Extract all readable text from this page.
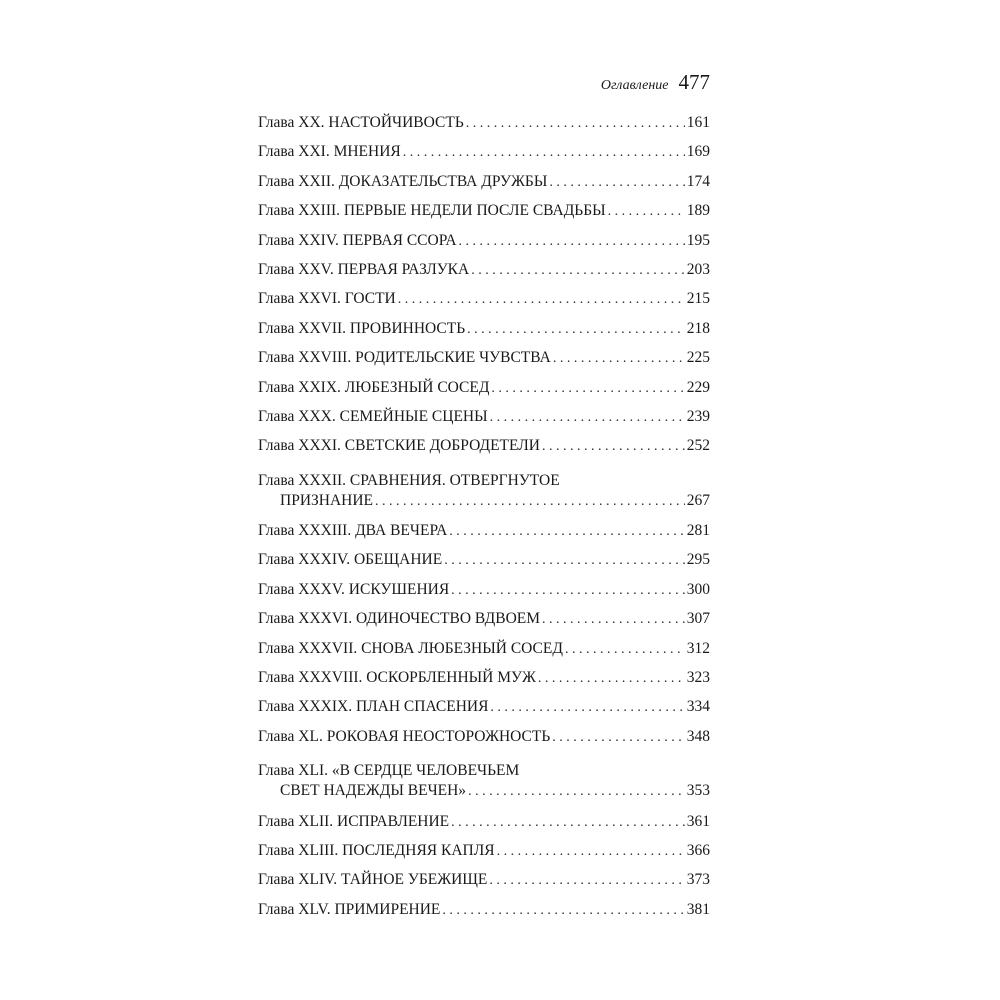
Оглавление 477
Глава XX. НАСТОЙЧИВОСТЬ . . .	161
Глава XXI. МНЕНИЯ . . .	169
Глава XXII. ДОКАЗАТЕЛЬСТВА ДРУЖБЫ . . .	174
Глава XXIII. ПЕРВЫЕ НЕДЕЛИ ПОСЛЕ СВАДЬБЫ . . .	189
Глава XXIV. ПЕРВАЯ ССОРА . . .	195
Глава XXV. ПЕРВАЯ РАЗЛУКА . . .	203
Глава XXVI. ГОСТИ . . .	215
Глава XXVII. ПРОВИННОСТЬ . . .	218
Глава XXVIII. РОДИТЕЛЬСКИЕ ЧУВСТВА . . .	225
Глава XXIX. ЛЮБЕЗНЫЙ СОСЕД . . .	229
Глава XXX. СЕМЕЙНЫЕ СЦЕНЫ . . .	239
Глава XXXI. СВЕТСКИЕ ДОБРОДЕТЕЛИ . . .	252
Глава XXXII. СРАВНЕНИЯ. ОТВЕРГНУТОЕ
ПРИЗНАНИЕ . . .	267
Глава XXXIII. ДВА ВЕЧЕРА . . .	281
Глава XXXIV. ОБЕЩАНИЕ . . .	295
Глава XXXV. ИСКУШЕНИЯ . . .	300
Глава XXXVI. ОДИНОЧЕСТВО ВДВОЕМ . . .	307
Глава XXXVII. СНОВА ЛЮБЕЗНЫЙ СОСЕД . . .	312
Глава XXXVIII. ОСКОРБЛЕННЫЙ МУЖ . . .	323
Глава XXXIX. ПЛАН СПАСЕНИЯ . . .	334
Глава XL. РОКОВАЯ НЕОСТОРОЖНОСТЬ . . .	348
Глава XLI. «В СЕРДЦЕ ЧЕЛОВЕЧЬЕМ
СВЕТ НАДЕЖДЫ ВЕЧЕН» . . .	353
Глава XLII. ИСПРАВЛЕНИЕ . . .	361
Глава XLIII. ПОСЛЕДНЯЯ КАПЛЯ . . .	366
Глава XLIV. ТАЙНОЕ УБЕЖИЩЕ . . .	373
Глава XLV. ПРИМИРЕНИЕ . . .	381
